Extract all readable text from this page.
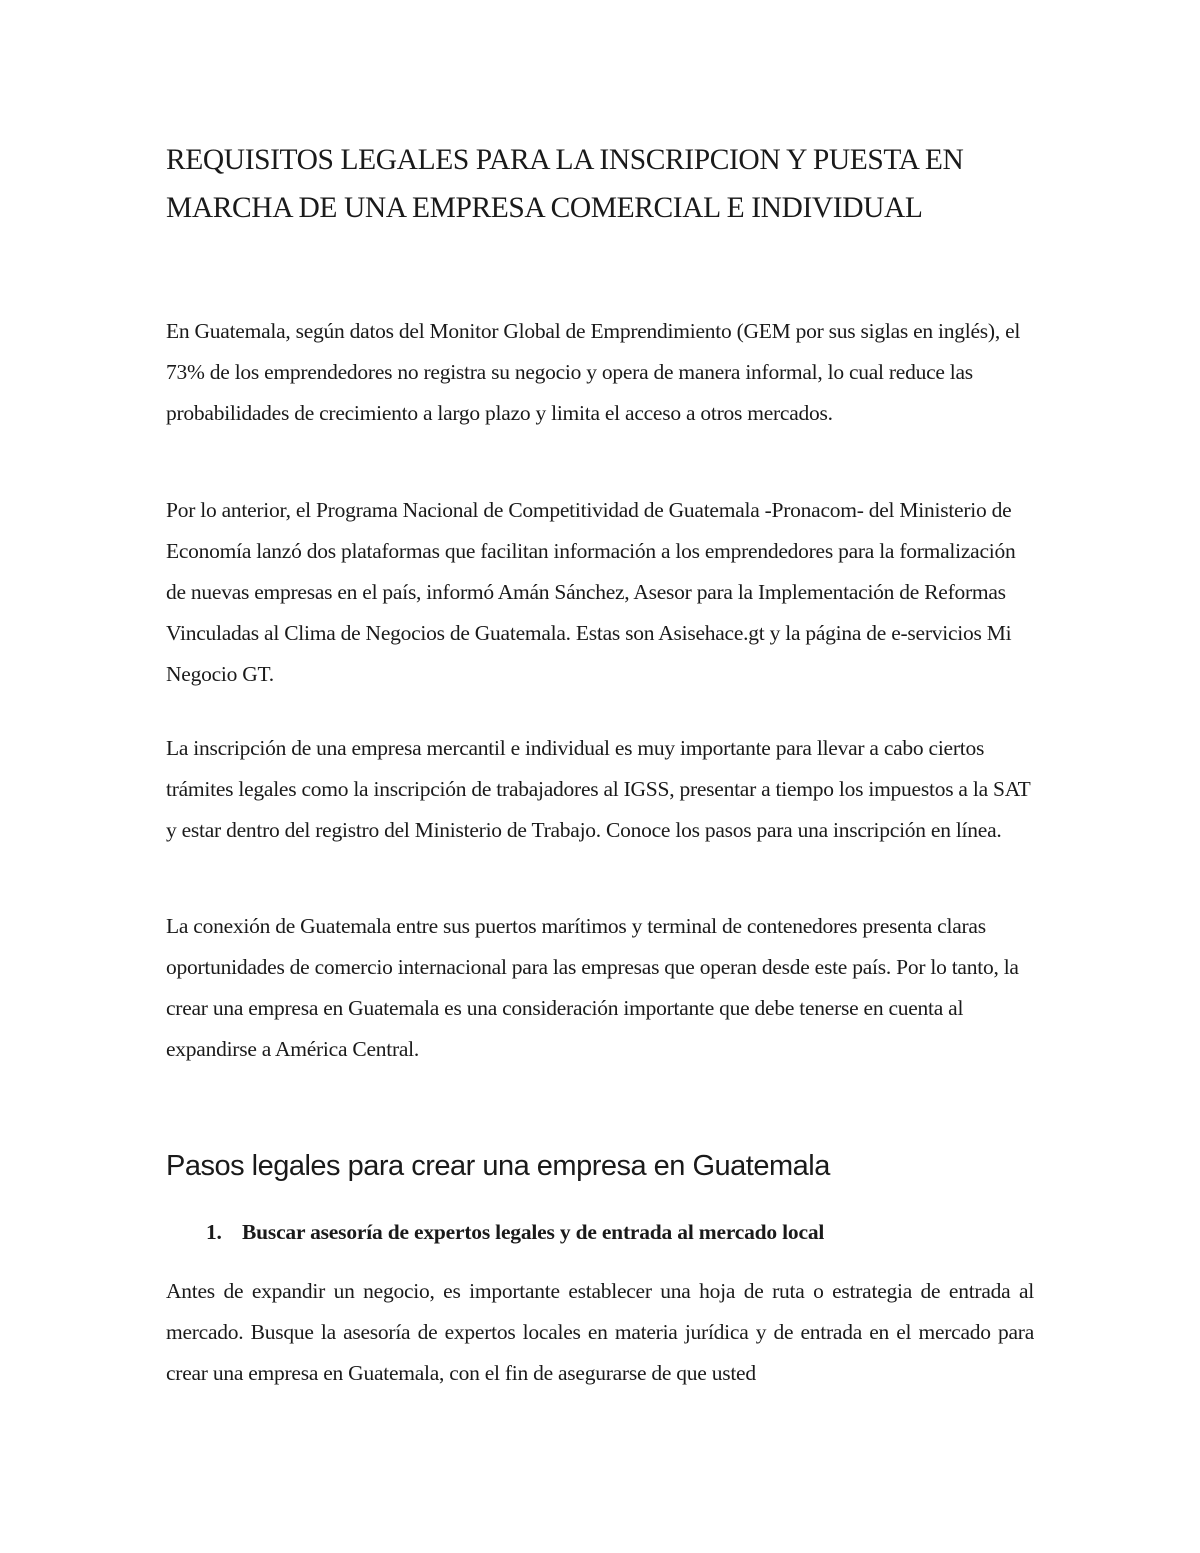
REQUISITOS LEGALES PARA LA INSCRIPCION Y PUESTA EN MARCHA DE UNA EMPRESA COMERCIAL E INDIVIDUAL

En Guatemala, según datos del Monitor Global de Emprendimiento (GEM por sus siglas en inglés), el 73% de los emprendedores no registra su negocio y opera de manera informal, lo cual reduce las probabilidades de crecimiento a largo plazo y limita el acceso a otros mercados.

Por lo anterior, el Programa Nacional de Competitividad de Guatemala -Pronacom- del Ministerio de Economía lanzó dos plataformas que facilitan información a los emprendedores para la formalización de nuevas empresas en el país, informó Amán Sánchez, Asesor para la Implementación de Reformas Vinculadas al Clima de Negocios de Guatemala. Estas son Asisehace.gt y la página de e-servicios Mi Negocio GT.

La inscripción de una empresa mercantil e individual es muy importante para llevar a cabo ciertos trámites legales como la inscripción de trabajadores al IGSS, presentar a tiempo los impuestos a la SAT y estar dentro del registro del Ministerio de Trabajo. Conoce los pasos para una inscripción en línea.

La conexión de Guatemala entre sus puertos marítimos y terminal de contenedores presenta claras oportunidades de comercio internacional para las empresas que operan desde este país. Por lo tanto, la crear una empresa en Guatemala es una consideración importante que debe tenerse en cuenta al expandirse a América Central.

Pasos legales para crear una empresa en Guatemala
1. Buscar asesoría de expertos legales y de entrada al mercado local

Antes de expandir un negocio, es importante establecer una hoja de ruta o estrategia de entrada al mercado. Busque la asesoría de expertos locales en materia jurídica y de entrada en el mercado para crear una empresa en Guatemala, con el fin de asegurarse de que usted
